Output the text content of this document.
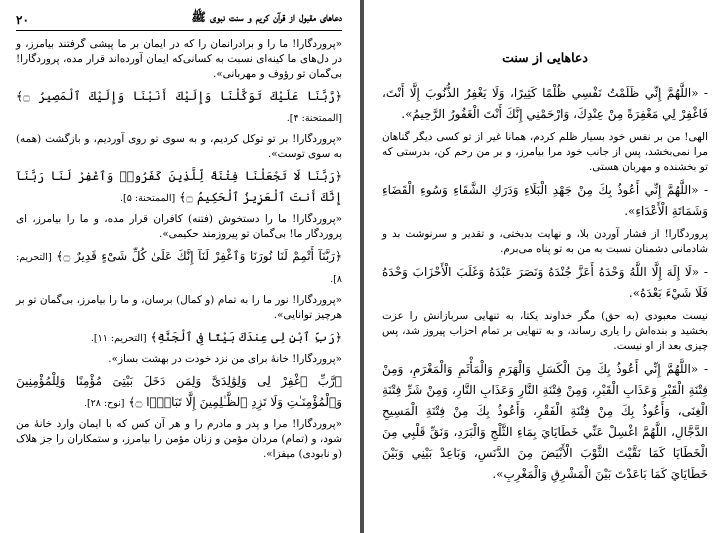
دعاهای مقبول از قرآن کریم و سنت نبوی ﷺ
۲۰

«پروردگارا! ما را و برادرانمان را که در ایمان بر ما پیشی گرفتند بیامرز، و در دل‌های ما کینه‌ای نسبت به کسانی‌که ایمان آورده‌اند قرار مده، پروردگارا! بی‌گمان تو رؤوف و مهربانی».

﴿رَّبَّنَا عَلَيْكَ تَوَكَّلْنَا وَإِلَيْكَ أَنَبْنَا وَإِلَيْكَ ٱلْمَصِيرُ ۝﴾ [الممتحنة: ۴].

«پروردگارا! بر تو توکل کردیم، و به سوی تو روی آوردیم، و بازگشت (همه) به سوی توست».

﴿رَبَّنَا لَا تَجْعَلْنَا فِتْنَةً لِّلَّذِينَ كَفَرُوا۟ وَٱغْفِرْ لَنَا رَبَّنَآ إِنَّكَ أَنتَ ٱلْعَزِيزُ ٱلْحَكِيمُ ۝﴾ [الممتحنة: ۵].

«پروردگارا! ما را دستخوش (فتنه) کافران قرار مده، و ما را بیامرز، ای پروردگار ما! بی‌گمان تو پیروزمند حکیمی».

﴿رَبَّنَآ أَتْمِمْ لَنَا نُورَنَا وَٱغْفِرْ لَنَآ إِنَّكَ عَلَىٰ كُلِّ شَىْءٍ قَدِيرٌ ۝﴾ [التحريم: ۸].

«پروردگارا! نور ما را به تمام (و کمال) برسان، و ما را بیامرز، بی‌گمان تو بر هرچیز توانایی».

﴿رَبِّ ٱبْنِ لِى عِندَكَ بَيْتًا فِى ٱلْجَنَّةِ﴾ [التحريم: ۱۱].

«پروردگارا! خانهٔ برای من نزد خودت در بهشت بساز».

﴿رَّبِّ ٱغْفِرْ لِى وَلِوَٰلِدَىَّ وَلِمَن دَخَلَ بَيْتِىَ مُؤْمِنًا وَلِلْمُؤْمِنِينَ وَٱلْمُؤْمِنَـٰتِ وَلَا تَزِدِ ٱلظَّـٰلِمِينَ إِلَّا تَبَارًۢا ۝﴾ [نوح: ۲۸].

«پروردگارا! مرا و پدر و مادرم را و هر آن کس که با ایمان وارد خانهٔ من شود، و (تمام) مردان مؤمن و زنان مؤمن را بیامرز، و ستمکاران را جز هلاک (و نابودی) میفزا».

دعاهایی از سنت

- «اللَّهُمَّ إِنِّي ظَلَمْتُ نَفْسِي ظُلْمًا كَثِيرًا، وَلَا يَغْفِرُ الذُّنُوبَ إِلَّا أَنْتَ، فَاغْفِرْ لِي مَغْفِرَةً مِنْ عِنْدِكَ، وَارْحَمْنِي إِنَّكَ أَنْتَ الْغَفُورُ الرَّحِيمُ».

الهی! من بر نفس خود بسیار ظلم کردم، همانا غیر از تو کسی دیگر گناهان مرا نمی‌بخشد، پس از جانب خود مرا بیامرز، و بر من رحم کن، بدرستی که تو بخشنده و مهربان هستی.

- «اللَّهُمَّ إِنِّي أَعُوذُ بِكَ مِنْ جَهْدِ الْبَلَاءِ وَدَرَكِ الشَّقَاءِ وَسُوءِ الْقَضَاءِ وَشَمَاتَةِ الْأَعْدَاءِ».

پروردگارا! از فشار آوردن بلا، و نهایت بدبختی، و تقدیر و سرنوشت بد و شادمانی دشمنان نسبت به من به تو پناه می‌برم.

- «لَا إِلَهَ إِلَّا اللَّهُ وَحْدَهُ أَعَزَّ جُنْدَهُ وَنَصَرَ عَبْدَهُ وَغَلَبَ الْأَحْزَابَ وَحْدَهُ فَلَا شَيْءَ بَعْدَهُ».

نیست معبودی (به حق) مگر خداوند یکتا، به تنهایی سربازانش را عزت بخشید و بنده‌اش را یاری رساند، و به تنهایی بر تمام احزاب پیروز شد، پس چیزی بعد از او نیست.

- «اللَّهُمَّ إِنِّي أَعُوذُ بِكَ مِنَ الْكَسَلِ وَالْهَرَمِ وَالْمَأْثَمِ وَالْمَغْرَمِ، وَمِنْ فِتْنَةِ الْقَبْرِ وَعَذَابِ الْقَبْرِ، وَمِنْ فِتْنَةِ النَّارِ وَعَذَابِ النَّارِ، وَمِنْ شَرِّ فِتْنَةِ الْغِنَى، وَأَعُوذُ بِكَ مِنْ فِتْنَةِ الْفَقْرِ، وَأَعُوذُ بِكَ مِنْ فِتْنَةِ الْمَسِيحِ الدَّجَّالِ، اللَّهُمَّ اغْسِلْ عَنِّي خَطَايَايَ بِمَاءِ الثَّلْجِ وَالْبَرَدِ، وَنَقِّ قَلْبِي مِنَ الْخَطَايَا كَمَا نَقَّيْتَ الثَّوْبَ الْأَبْيَضَ مِنَ الدَّنَسِ، وَبَاعِدْ بَيْنِي وَبَيْنَ خَطَايَايَ كَمَا بَاعَدْتَ بَيْنَ الْمَشْرِقِ وَالْمَغْرِبِ».
